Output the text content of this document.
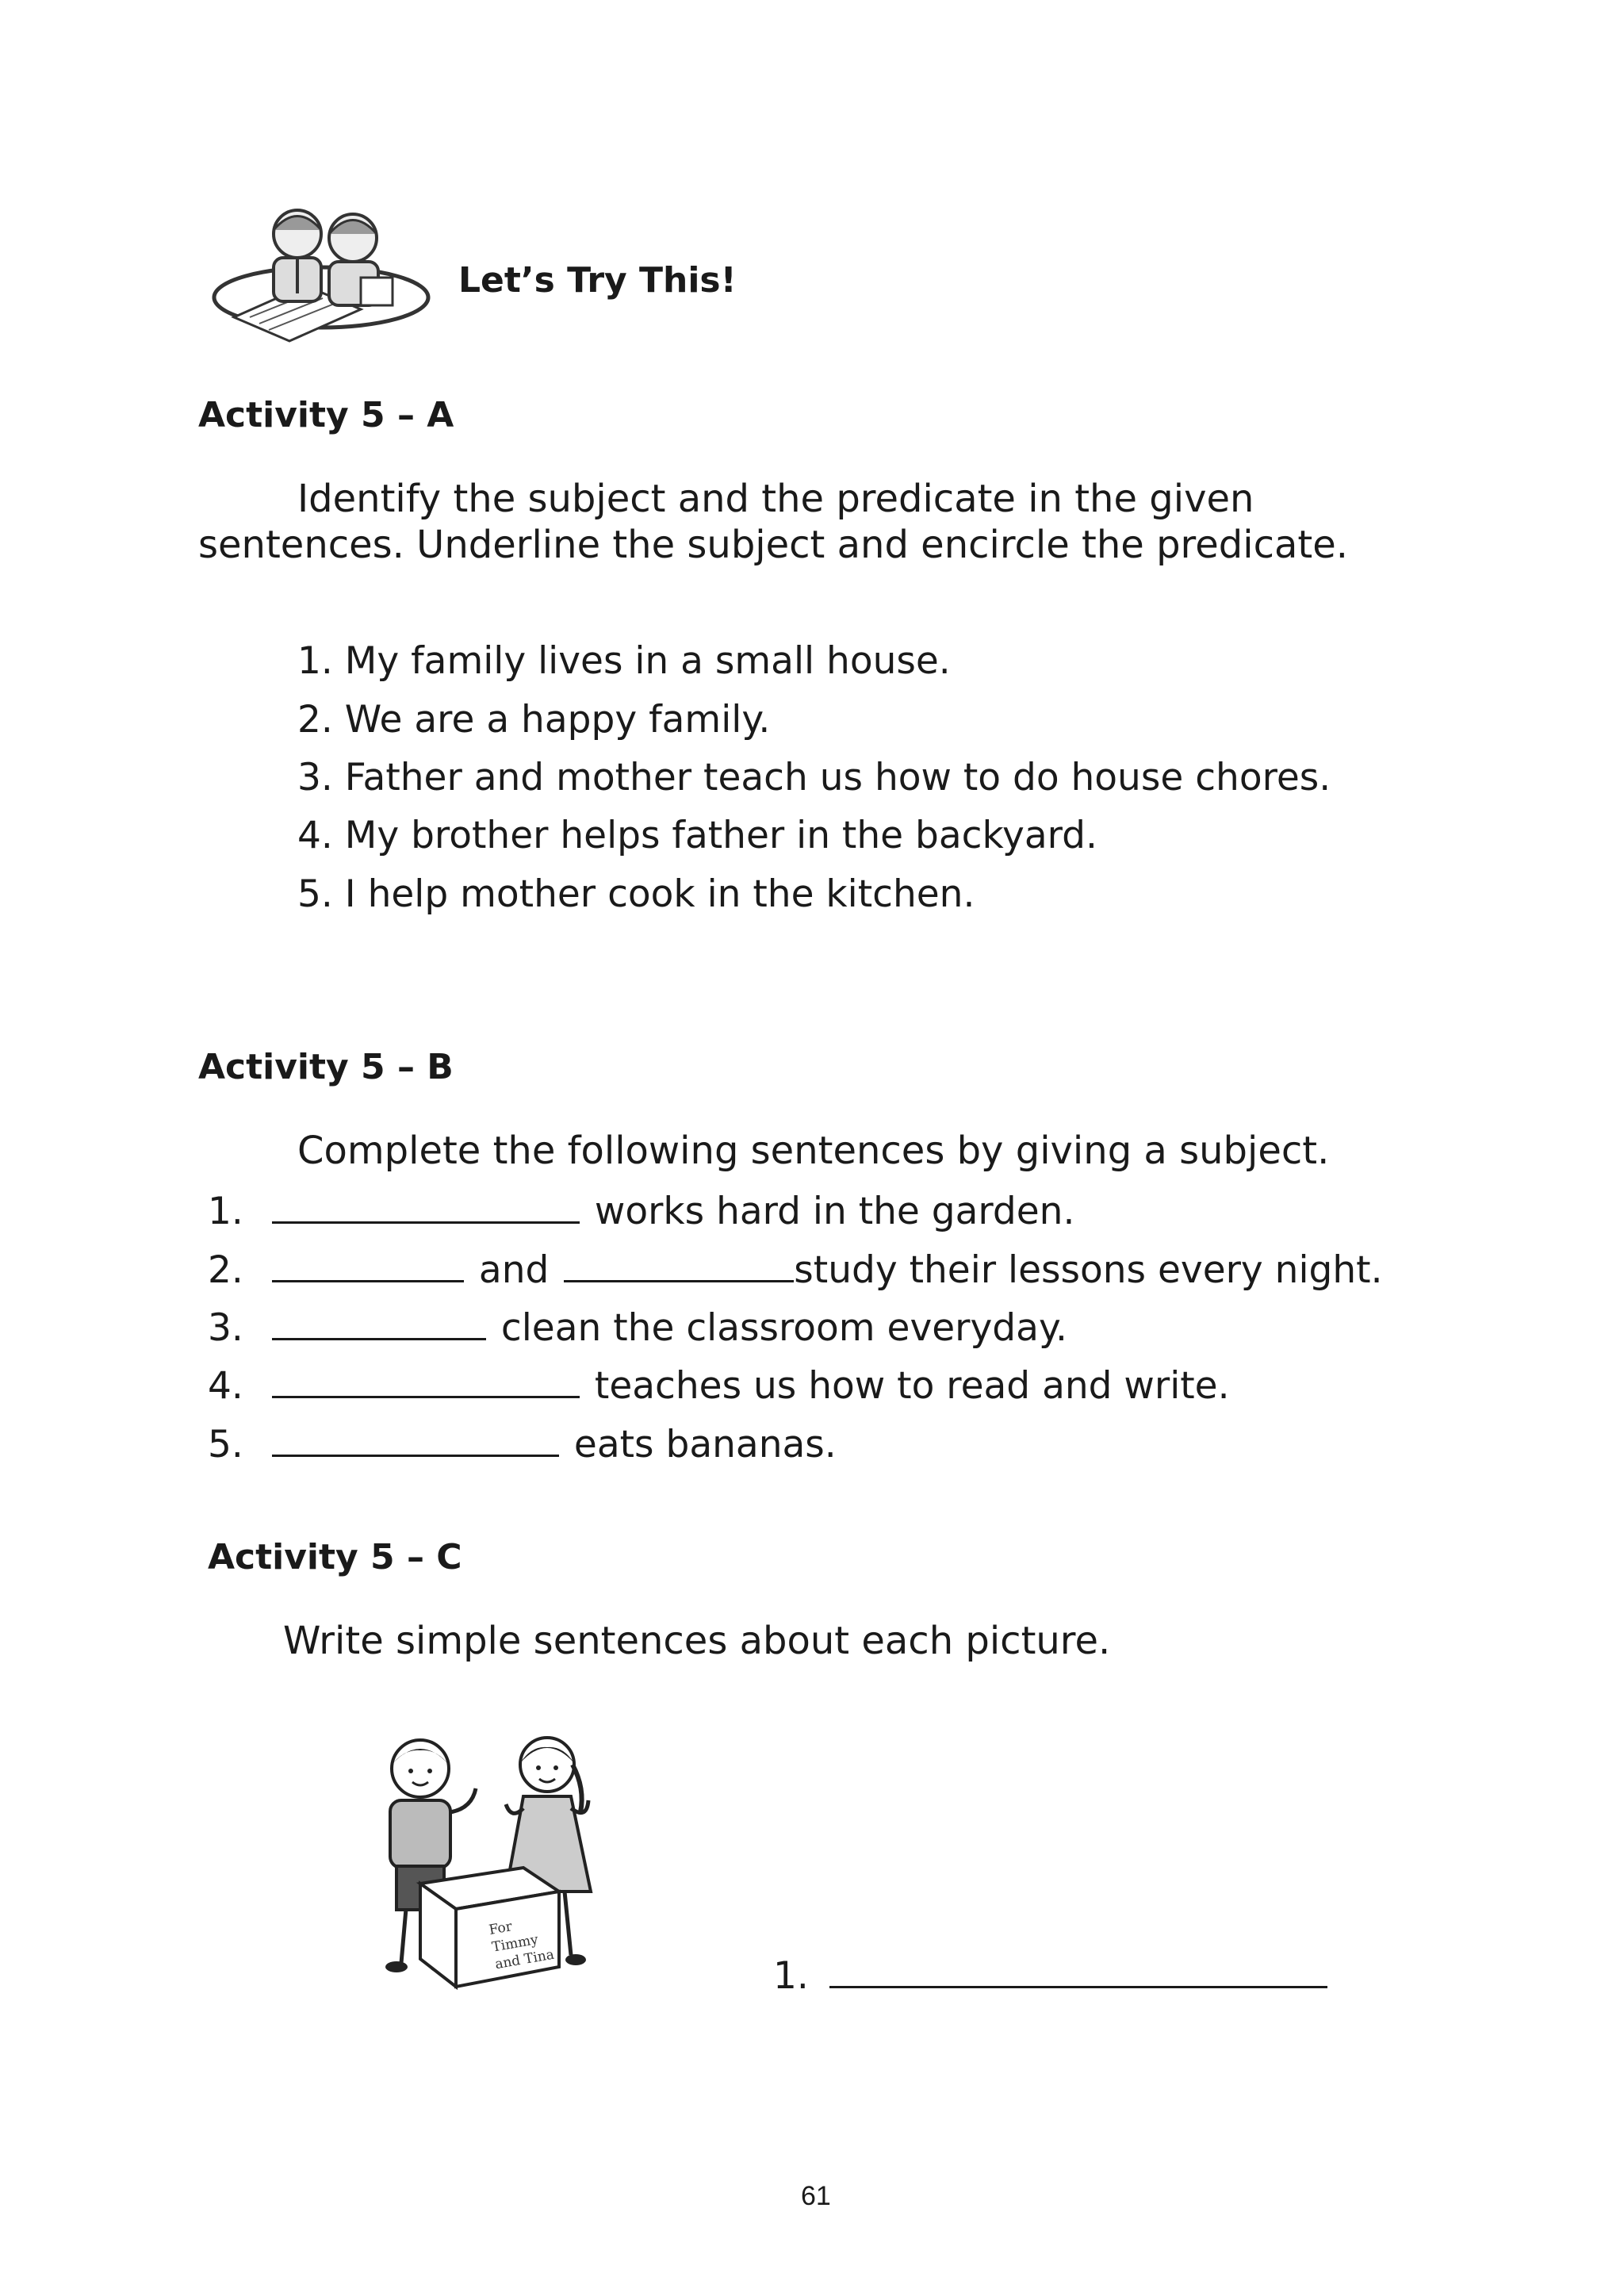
Let’s Try This!
Activity 5 – A
Identify the subject and the predicate in the given
sentences. Underline the subject and encircle the predicate.
1. My family lives in a small house.
2. We are a happy family.
3. Father and mother teach us how to do house chores.
4. My brother helps father in the backyard.
5. I help mother cook in the kitchen.
Activity 5 – B
Complete the following sentences by giving a subject.
1.	works hard in the garden.
2.	and	study their lessons every night.
3.	clean the classroom everyday.
4.	teaches us how to read and write.
5.	eats bananas.
Activity 5 – C
Write simple sentences about each picture.
For Timmy and Tina	1.
61
